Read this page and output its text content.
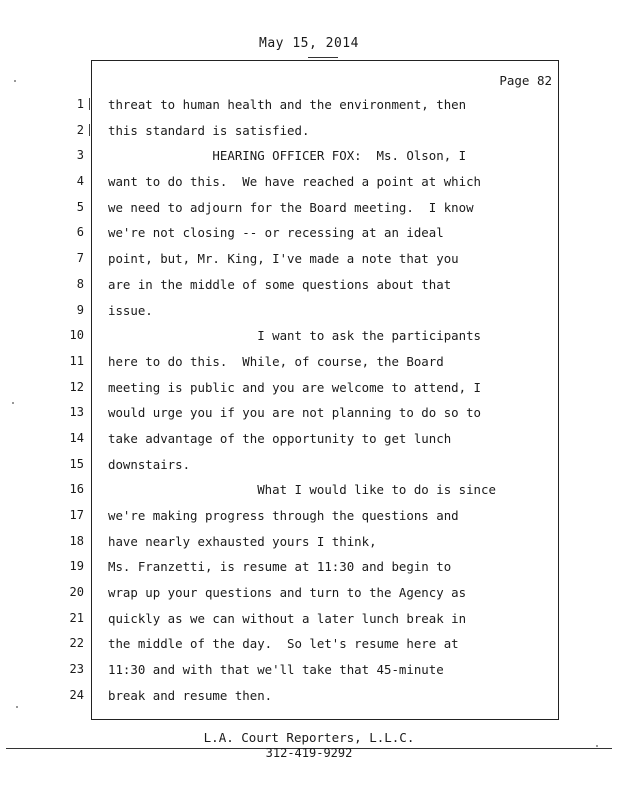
May 15, 2014
Page 82
1
2
3
4
5
6
7
8
9
10
11
12
13
14
15
16
17
18
19
20
21
22
23
24
threat to human health and the environment, then
this standard is satisfied.
HEARING OFFICER FOX:  Ms. Olson, I
want to do this.  We have reached a point at which
we need to adjourn for the Board meeting.  I know
we're not closing -- or recessing at an ideal
point, but, Mr. King, I've made a note that you
are in the middle of some questions about that
issue.
I want to ask the participants
here to do this.  While, of course, the Board
meeting is public and you are welcome to attend, I
would urge you if you are not planning to do so to
take advantage of the opportunity to get lunch
downstairs.
What I would like to do is since
we're making progress through the questions and
have nearly exhausted yours I think,
Ms. Franzetti, is resume at 11:30 and begin to
wrap up your questions and turn to the Agency as
quickly as we can without a later lunch break in
the middle of the day.  So let's resume here at
11:30 and with that we'll take that 45-minute
break and resume then.
L.A. Court Reporters, L.L.C.
312-419-9292
